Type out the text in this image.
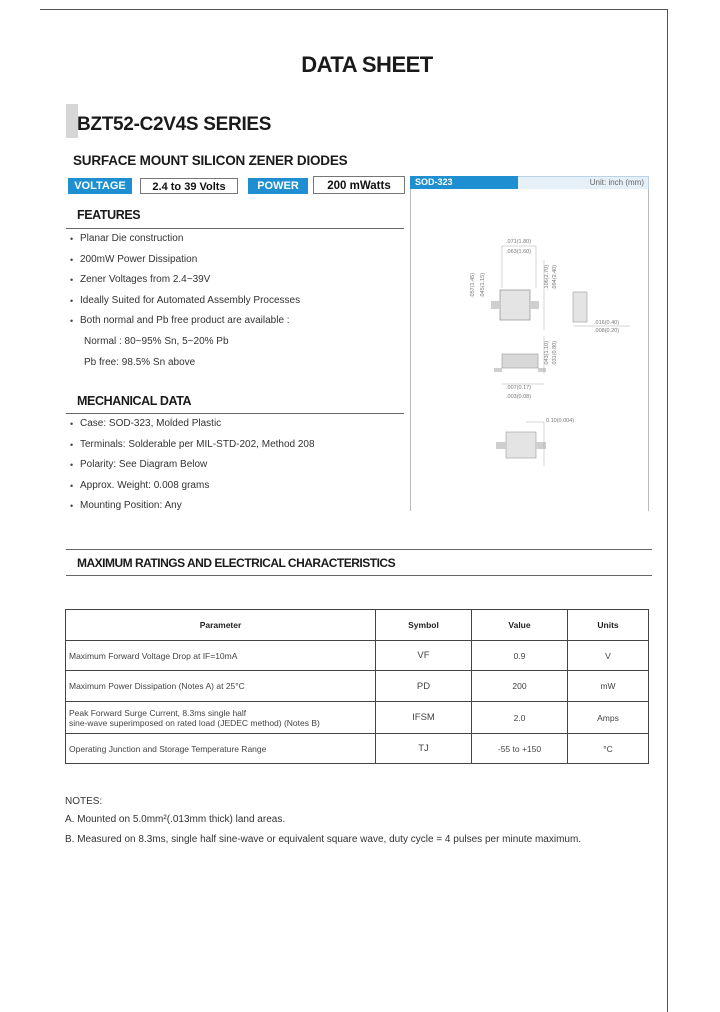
DATA SHEET
BZT52-C2V4S SERIES
SURFACE MOUNT SILICON ZENER DIODES
VOLTAGE	2.4 to 39 Volts	POWER	200 mWatts	SOD-323	Unit: inch (mm)
.071(1.80)
.063(1.60)
.057(1.45) .045(1.15)	.106(2.70) .094(2.40)
.016(0.40)
.008(0.20)
.043(1.10) .031(0.80)
.007(0.17)
.003(0.08)
0.10(0.004)
FEATURES
• Planar Die construction
• 200mW Power Dissipation
• Zener Voltages from 2.4~39V
• Ideally Suited for Automated Assembly Processes
• Both normal and Pb free product are available :
Normal : 80~95% Sn, 5~20% Pb
Pb free: 98.5% Sn above
MECHANICAL DATA
• Case: SOD-323, Molded Plastic
• Terminals: Solderable per MIL-STD-202, Method 208
• Polarity: See Diagram Below
• Approx. Weight: 0.008 grams
• Mounting Position: Any
MAXIMUM RATINGS AND ELECTRICAL CHARACTERISTICS
Parameter	Symbol	Value	Units
Maximum Forward Voltage Drop at IF=10mA	VF	0.9	V
Maximum Power Dissipation (Notes A) at 25°C	PD	200	mW

Peak Forward Surge Current, 8.3ms single half
sine-wave superimposed on rated load (JEDEC method) (Notes B)	IFSM	2.0	Amps
Operating Junction and Storage Temperature Range	TJ	-55 to +150	°C
NOTES:
A. Mounted on 5.0mm²(.013mm thick) land areas.
B. Measured on 8.3ms, single half sine-wave or equivalent square wave, duty cycle = 4 pulses per minute maximum.
